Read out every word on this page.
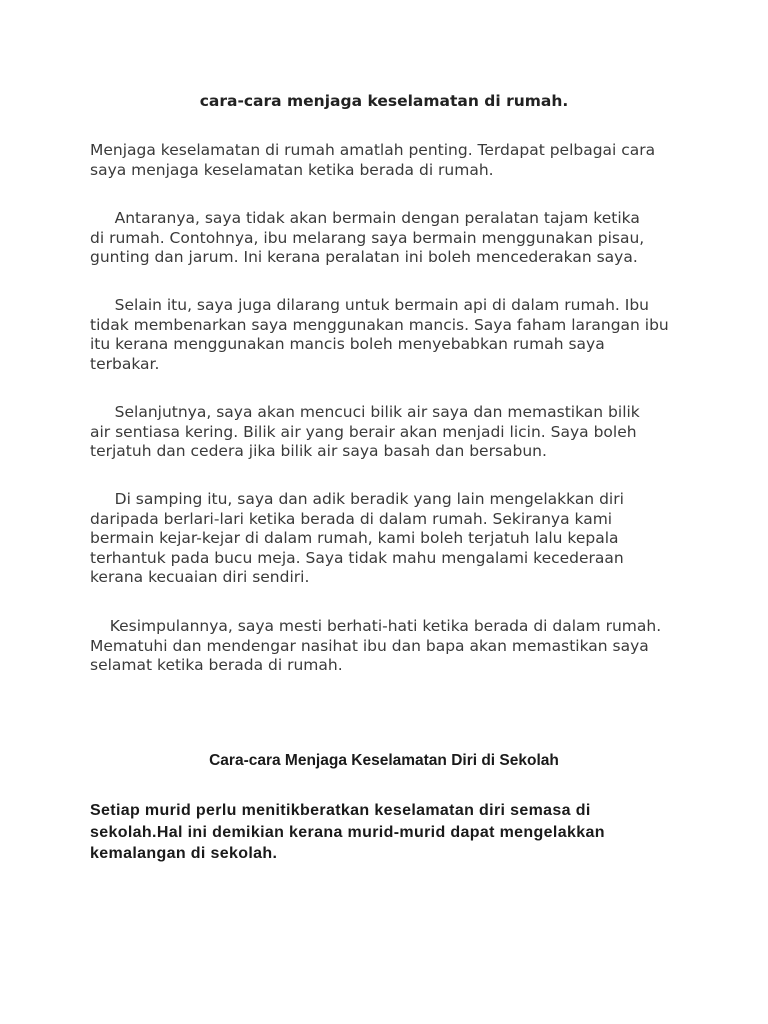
cara-cara menjaga keselamatan di rumah.

Menjaga keselamatan di rumah amatlah penting. Terdapat pelbagai cara
saya menjaga keselamatan ketika berada di rumah.

Antaranya, saya tidak akan bermain dengan peralatan tajam ketika
di rumah. Contohnya, ibu melarang saya bermain menggunakan pisau,
gunting dan jarum. Ini kerana peralatan ini boleh mencederakan saya.

Selain itu, saya juga dilarang untuk bermain api di dalam rumah. Ibu
tidak membenarkan saya menggunakan mancis. Saya faham larangan ibu
itu kerana menggunakan mancis boleh menyebabkan rumah saya
terbakar.

Selanjutnya, saya akan mencuci bilik air saya dan memastikan bilik
air sentiasa kering. Bilik air yang berair akan menjadi licin. Saya boleh
terjatuh dan cedera jika bilik air saya basah dan bersabun.

Di samping itu, saya dan adik beradik yang lain mengelakkan diri
daripada berlari-lari ketika berada di dalam rumah. Sekiranya kami
bermain kejar-kejar di dalam rumah, kami boleh terjatuh lalu kepala
terhantuk pada bucu meja. Saya tidak mahu mengalami kecederaan
kerana kecuaian diri sendiri.

Kesimpulannya, saya mesti berhati-hati ketika berada di dalam rumah.
Mematuhi dan mendengar nasihat ibu dan bapa akan memastikan saya
selamat ketika berada di rumah.

Cara-cara Menjaga Keselamatan Diri di Sekolah

Setiap murid perlu menitikberatkan keselamatan diri semasa di
sekolah.Hal ini demikian kerana murid-murid dapat mengelakkan
kemalangan di sekolah.
